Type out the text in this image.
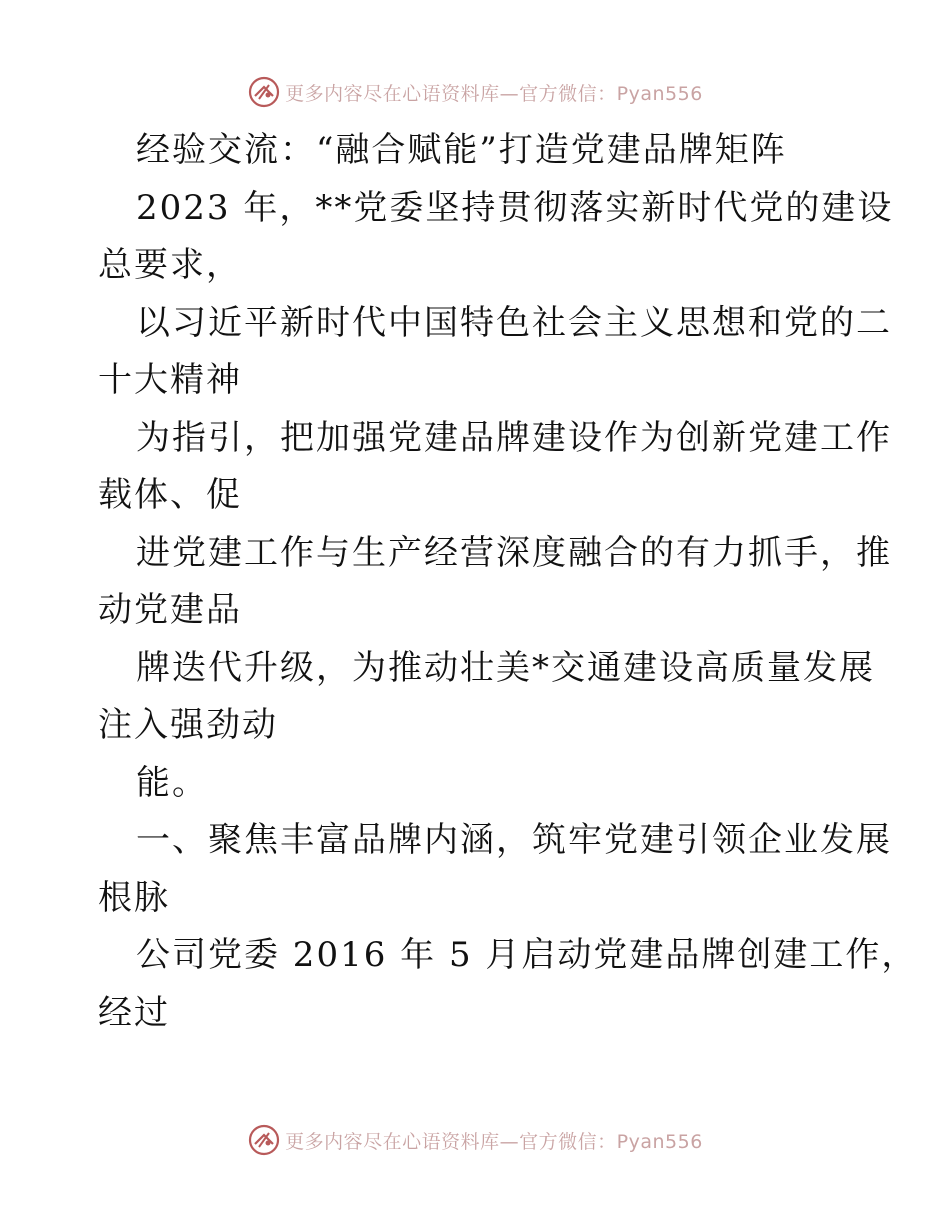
更多内容尽在心语资料库—官方微信：Pyan556
经验交流：“融合赋能”打造党建品牌矩阵
2023 年，**党委坚持贯彻落实新时代党的建设
总要求，
以习近平新时代中国特色社会主义思想和党的二
十大精神
为指引，把加强党建品牌建设作为创新党建工作
载体、促
进党建工作与生产经营深度融合的有力抓手，推
动党建品
牌迭代升级，为推动壮美*交通建设高质量发展
注入强劲动
能。
一、聚焦丰富品牌内涵，筑牢党建引领企业发展
根脉
公司党委 2016 年 5 月启动党建品牌创建工作，
经过
更多内容尽在心语资料库—官方微信：Pyan556
